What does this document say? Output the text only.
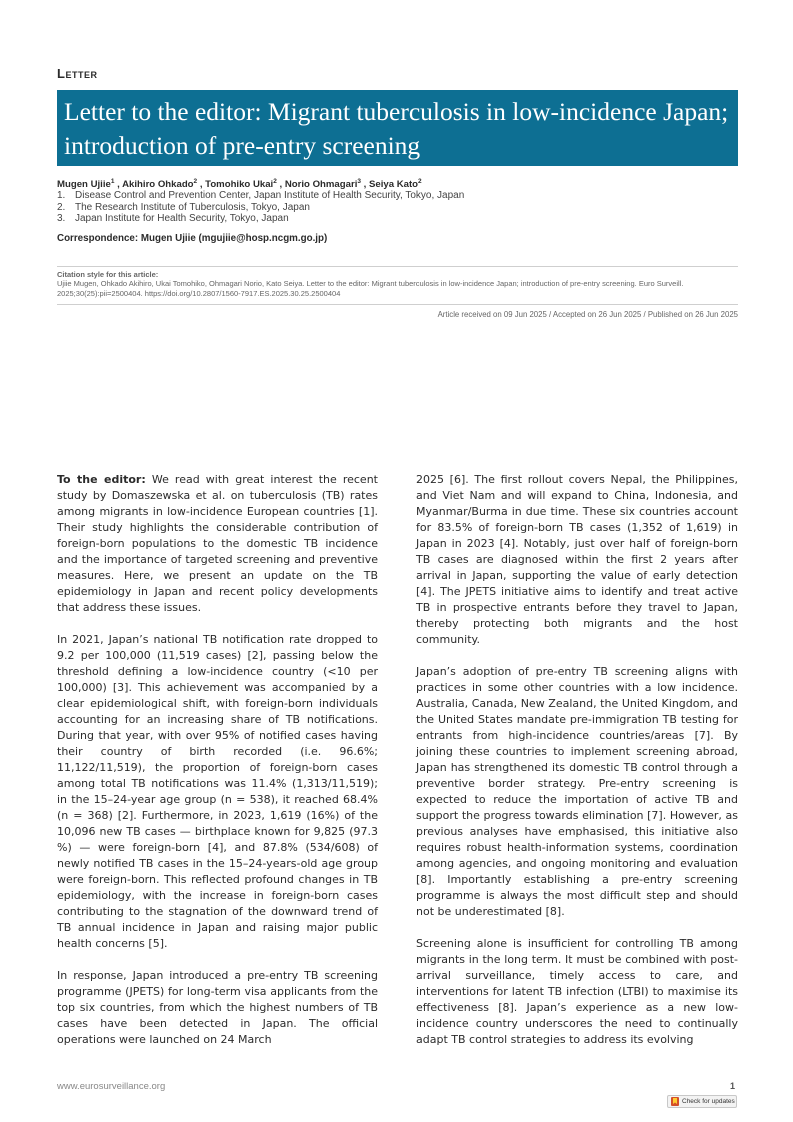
Letter
Letter to the editor: Migrant tuberculosis in low-incidence Japan; introduction of pre-entry screening
Mugen Ujiie$^1$ , Akihiro Ohkado$^2$ , Tomohiko Ukai$^2$ , Norio Ohmagari$^3$ , Seiya Kato$^2$
1. Disease Control and Prevention Center, Japan Institute of Health Security, Tokyo, Japan
2. The Research Institute of Tuberculosis, Tokyo, Japan
3. Japan Institute for Health Security, Tokyo, Japan
Correspondence: Mugen Ujiie (mgujiie@hosp.ncgm.go.jp)
Citation style for this article:
Ujiie Mugen, Ohkado Akihiro, Ukai Tomohiko, Ohmagari Norio, Kato Seiya. Letter to the editor: Migrant tuberculosis in low-incidence Japan; introduction of pre-entry screening. Euro Surveill. 2025;30(25):pii=2500404. https://doi.org/10.2807/1560-7917.ES.2025.30.25.2500404
Article received on 09 Jun 2025 / Accepted on 26 Jun 2025 / Published on 26 Jun 2025

To the editor: We read with great interest the recent study by Domaszewska et al. on tuberculosis (TB) rates among migrants in low-incidence European countries [1]. Their study highlights the considerable contribution of foreign-born populations to the domestic TB incidence and the importance of targeted screening and preventive measures. Here, we present an update on the TB epidemiology in Japan and recent policy developments that address these issues.

In 2021, Japan’s national TB notification rate dropped to 9.2 per 100,000 (11,519 cases) [2], passing below the threshold defining a low-incidence country (<10 per 100,000) [3]. This achievement was accompanied by a clear epidemiological shift, with foreign-born individuals accounting for an increasing share of TB notifications. During that year, with over 95% of notified cases having their country of birth recorded (i.e. 96.6%; 11,122/11,519), the proportion of foreign-born cases among total TB notifications was 11.4% (1,313/11,519); in the 15–24-year age group (n = 538), it reached 68.4% (n = 368) [2]. Furthermore, in 2023, 1,619 (16%) of the 10,096 new TB cases — birthplace known for 9,825 (97.3 %) — were foreign-born [4], and 87.8% (534/608) of newly notified TB cases in the 15–24-years-old age group were foreign-born. This reflected profound changes in TB epidemiology, with the increase in foreign-born cases contributing to the stagnation of the downward trend of TB annual incidence in Japan and raising major public health concerns [5].

In response, Japan introduced a pre-entry TB screening programme (JPETS) for long-term visa applicants from the top six countries, from which the highest numbers of TB cases have been detected in Japan. The official operations were launched on 24 March

2025 [6]. The first rollout covers Nepal, the Philippines, and Viet Nam and will expand to China, Indonesia, and Myanmar/Burma in due time. These six countries account for 83.5% of foreign-born TB cases (1,352 of 1,619) in Japan in 2023 [4]. Notably, just over half of foreign-born TB cases are diagnosed within the first 2 years after arrival in Japan, supporting the value of early detection [4]. The JPETS initiative aims to identify and treat active TB in prospective entrants before they travel to Japan, thereby protecting both migrants and the host community.

Japan’s adoption of pre-entry TB screening aligns with practices in some other countries with a low incidence. Australia, Canada, New Zealand, the United Kingdom, and the United States mandate pre-immigration TB testing for entrants from high-incidence countries/areas [7]. By joining these countries to implement screening abroad, Japan has strengthened its domestic TB control through a preventive border strategy. Pre-entry screening is expected to reduce the importation of active TB and support the progress towards elimination [7]. However, as previous analyses have emphasised, this initiative also requires robust health-information systems, coordination among agencies, and ongoing monitoring and evaluation [8]. Importantly establishing a pre-entry screening programme is always the most difficult step and should not be underestimated [8].

Screening alone is insufficient for controlling TB among migrants in the long term. It must be combined with post-arrival surveillance, timely access to care, and interventions for latent TB infection (LTBI) to maximise its effectiveness [8]. Japan’s experience as a new low-incidence country underscores the need to continually adapt TB control strategies to address its evolving

www.eurosurveillance.org	1
Check for updates
